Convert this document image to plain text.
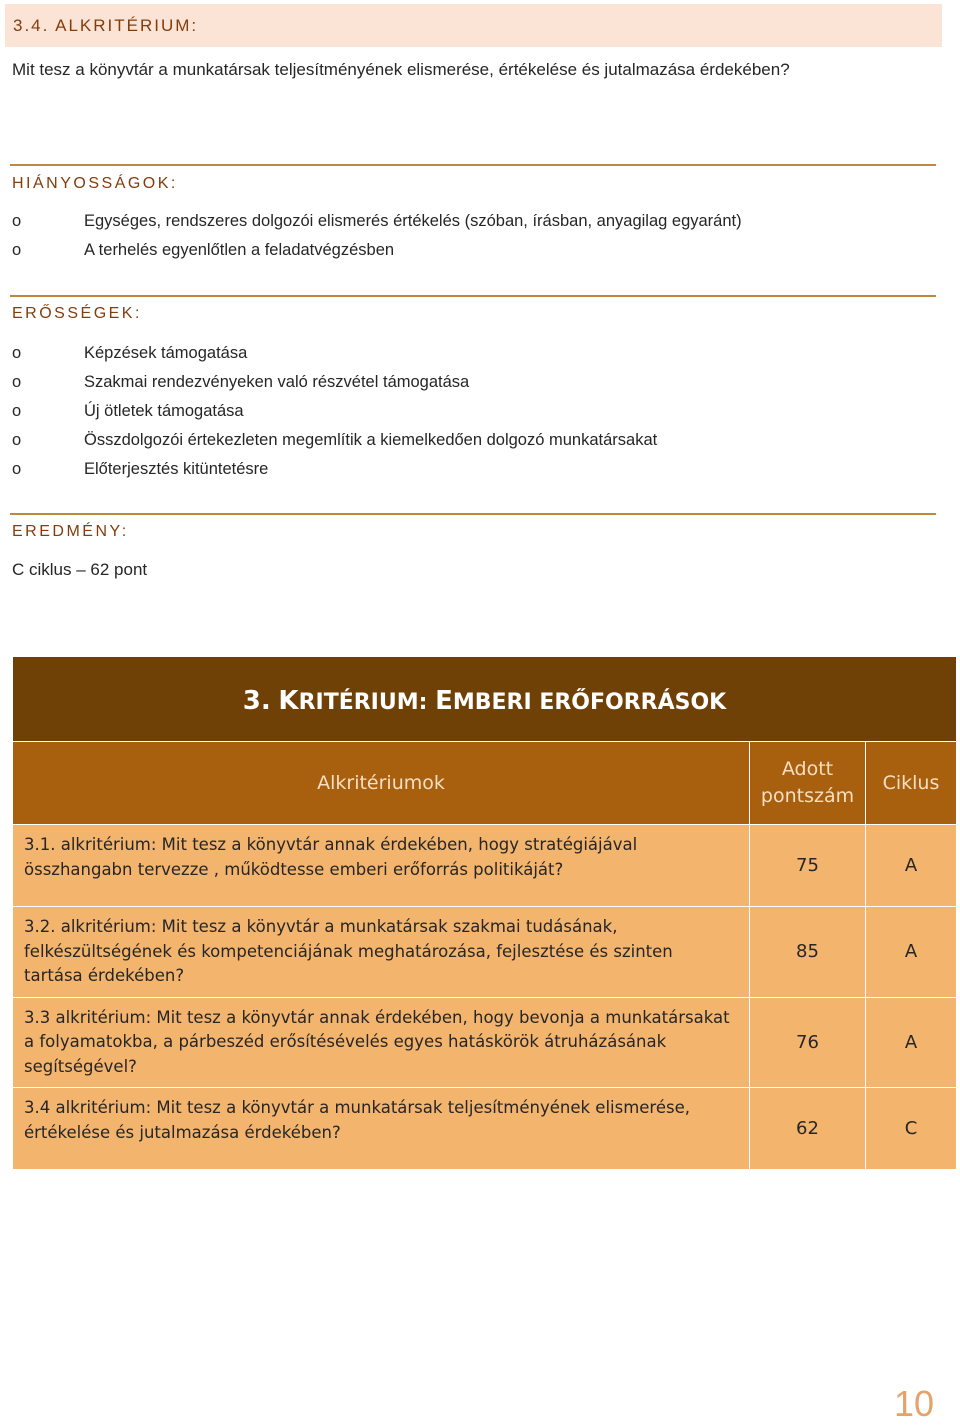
3.4. ALKRITÉRIUM:
Mit tesz a könyvtár a munkatársak teljesítményének elismerése, értékelése és jutalmazása érdekében?
HIÁNYOSSÁGOK:
o	Egységes, rendszeres dolgozói elismerés értékelés (szóban, írásban, anyagilag egyaránt)
o	A terhelés egyenlőtlen a feladatvégzésben
ERŐSSÉGEK:
o	Képzések támogatása
o	Szakmai rendezvényeken való részvétel támogatása
o	Új ötletek támogatása
o	Összdolgozói értekezleten megemlítik a kiemelkedően dolgozó munkatársakat
o	Előterjesztés kitüntetésre
EREDMÉNY:
C ciklus – 62 pont
3. KRITÉRIUM: EMBERI ERŐFORRÁSOK		
Alkritériumok	Adott pontszám	Ciklus
3.1. alkritérium: Mit tesz a könyvtár annak érdekében, hogy stratégiájával összhangabn tervezze , működtesse emberi erőforrás politikáját?	75	A
3.2. alkritérium: Mit tesz a könyvtár a munkatársak szakmai tudásának, felkészültségének és kompetenciájának meghatározása, fejlesztése és szinten tartása érdekében?	85	A
3.3 alkritérium: Mit tesz a könyvtár annak érdekében, hogy bevonja a munkatársakat a folyamatokba, a párbeszéd erősítésévelés egyes hatáskörök átruházásának segítségével?	76	A
3.4 alkritérium: Mit tesz a könyvtár a munkatársak teljesítményének elismerése, értékelése és jutalmazása érdekében?	62	C
10
